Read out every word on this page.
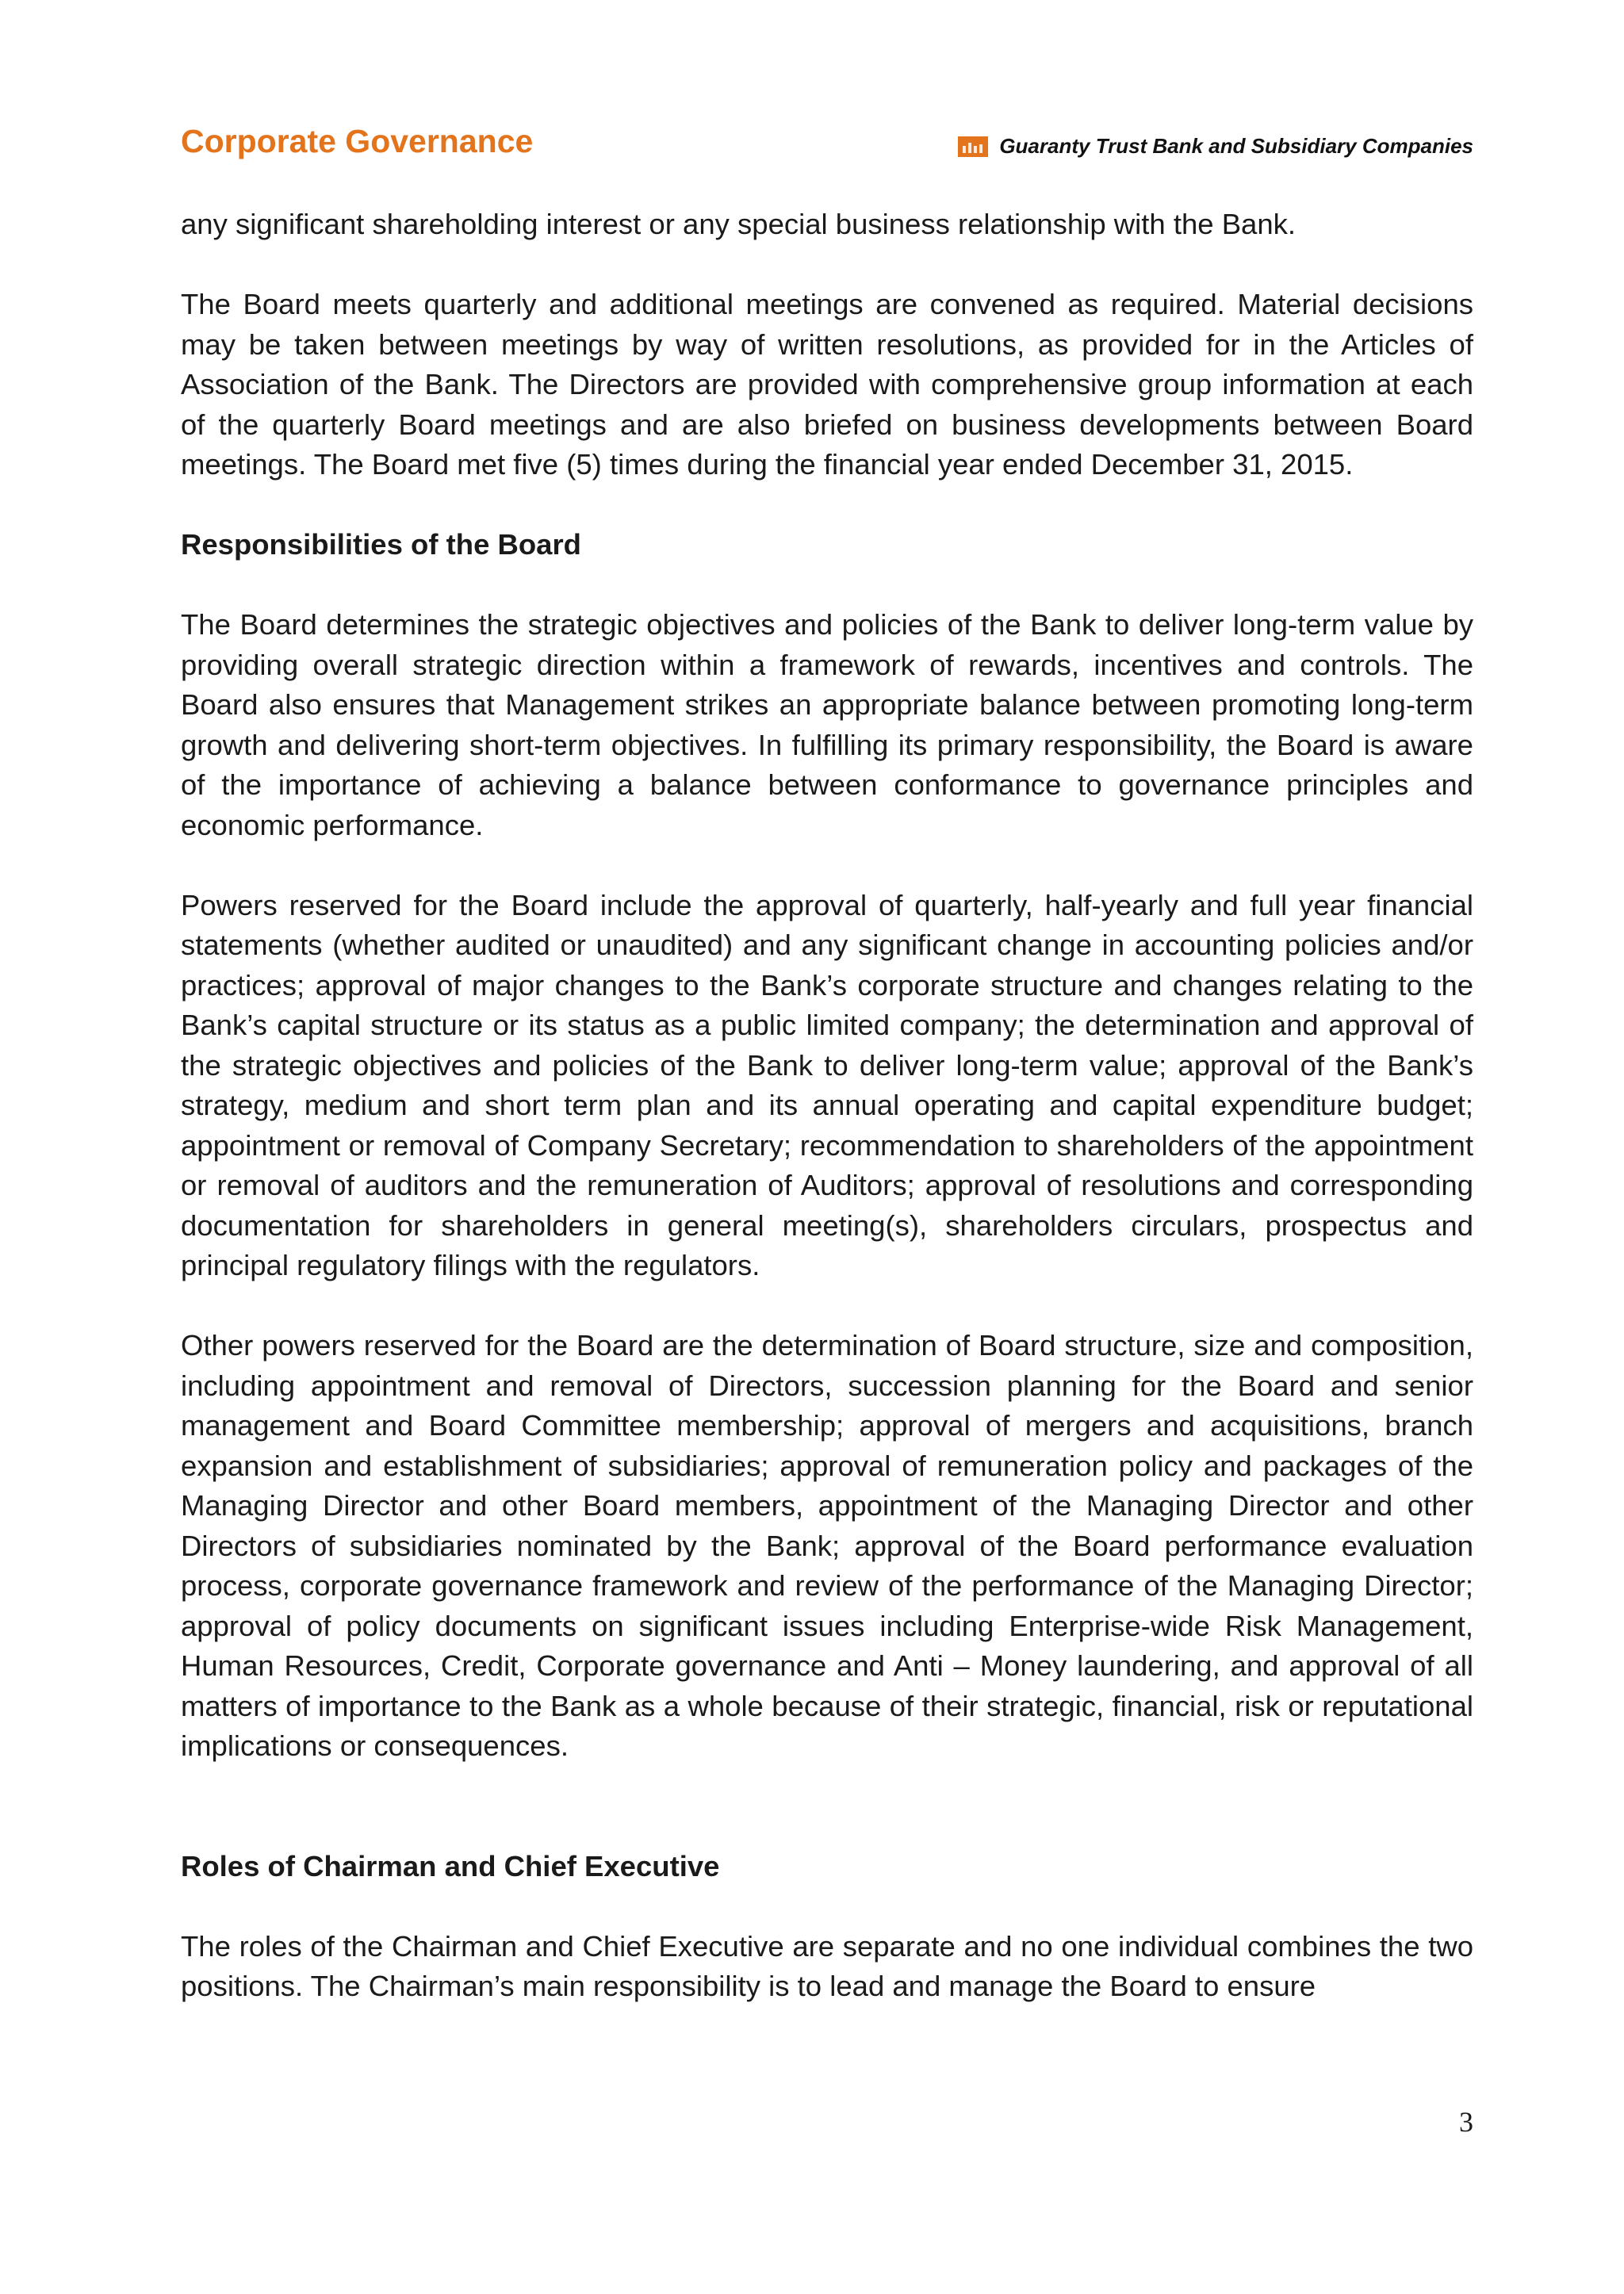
Corporate Governance	Guaranty Trust Bank and Subsidiary Companies

any significant shareholding interest or any special business relationship with the Bank.

The Board meets quarterly and additional meetings are convened as required. Material decisions may be taken between meetings by way of written resolutions, as provided for in the Articles of Association of the Bank. The Directors are provided with comprehensive group information at each of the quarterly Board meetings and are also briefed on business developments between Board meetings. The Board met five (5) times during the financial year ended December 31, 2015.

Responsibilities of the Board

The Board determines the strategic objectives and policies of the Bank to deliver long-term value by providing overall strategic direction within a framework of rewards, incentives and controls. The Board also ensures that Management strikes an appropriate balance between promoting long-term growth and delivering short-term objectives. In fulfilling its primary responsibility, the Board is aware of the importance of achieving a balance between conformance to governance principles and economic performance.

Powers reserved for the Board include the approval of quarterly, half-yearly and full year financial statements (whether audited or unaudited) and any significant change in accounting policies and/or practices; approval of major changes to the Bank’s corporate structure and changes relating to the Bank’s capital structure or its status as a public limited company; the determination and approval of the strategic objectives and policies of the Bank to deliver long-term value; approval of the Bank’s strategy, medium and short term plan and its annual operating and capital expenditure budget; appointment or removal of Company Secretary; recommendation to shareholders of the appointment or removal of auditors and the remuneration of Auditors; approval of resolutions and corresponding documentation for shareholders in general meeting(s), shareholders circulars, prospectus and principal regulatory filings with the regulators.

Other powers reserved for the Board are the determination of Board structure, size and composition, including appointment and removal of Directors, succession planning for the Board and senior management and Board Committee membership; approval of mergers and acquisitions, branch expansion and establishment of subsidiaries; approval of remuneration policy and packages of the Managing Director and other Board members, appointment of the Managing Director and other Directors of subsidiaries nominated by the Bank; approval of the Board performance evaluation process, corporate governance framework and review of the performance of the Managing Director; approval of policy documents on significant issues including Enterprise-wide Risk Management, Human Resources, Credit, Corporate governance and Anti – Money laundering, and approval of all matters of importance to the Bank as a whole because of their strategic, financial, risk or reputational implications or consequences.

Roles of Chairman and Chief Executive

The roles of the Chairman and Chief Executive are separate and no one individual combines the two positions. The Chairman’s main responsibility is to lead and manage the Board to ensure

3
